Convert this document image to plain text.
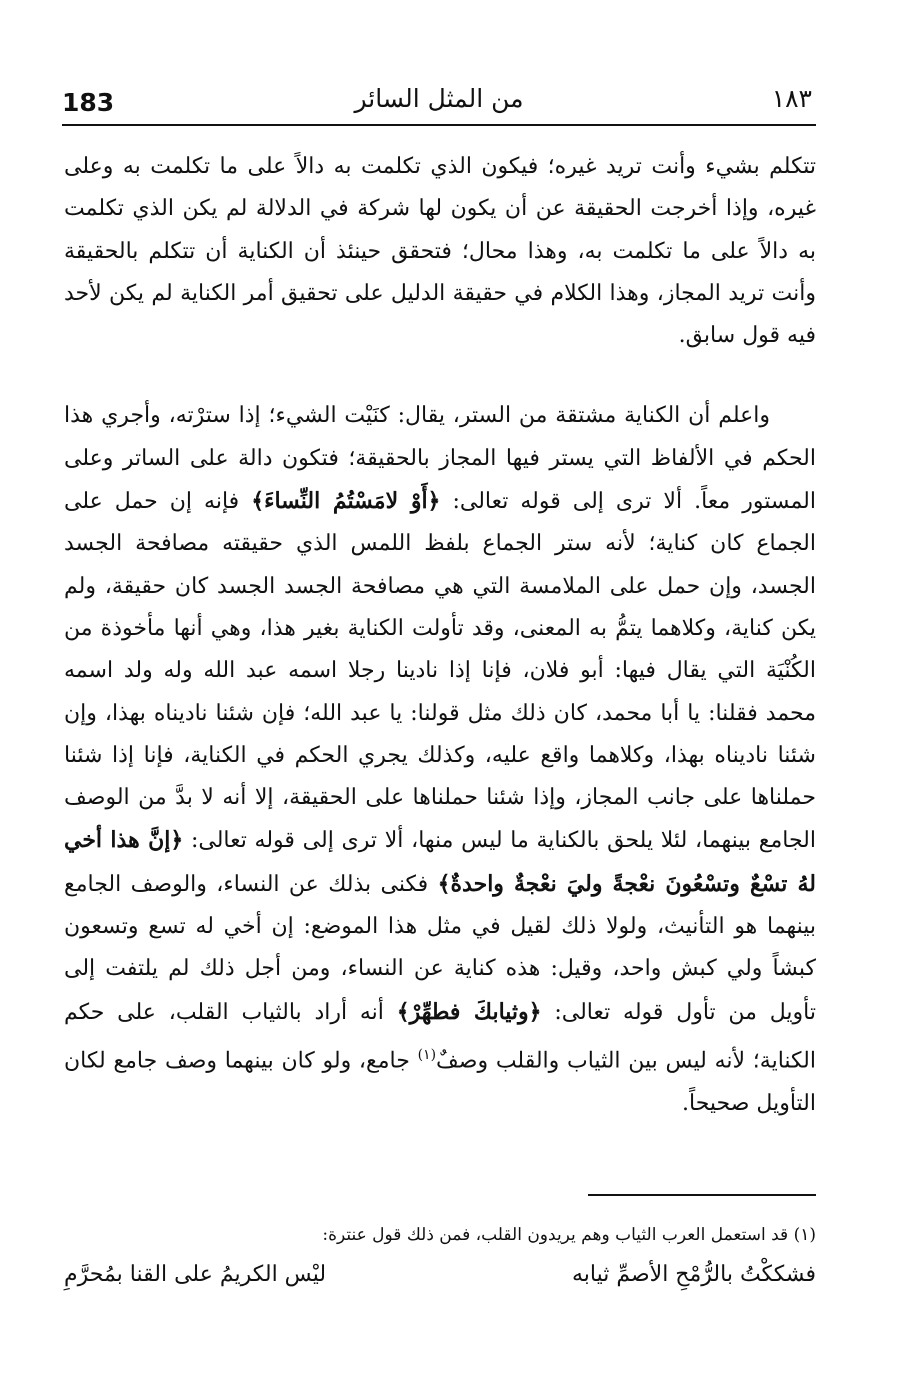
183	من المثل السائر	١٨٣

تتكلم بشيء وأنت تريد غيره؛ فيكون الذي تكلمت به دالاً على ما تكلمت به وعلى غيره، وإذا أخرجت الحقيقة عن أن يكون لها شركة في الدلالة لم يكن الذي تكلمت به دالاً على ما تكلمت به، وهذا محال؛ فتحقق حينئذ أن الكناية أن تتكلم بالحقيقة وأنت تريد المجاز، وهذا الكلام في حقيقة الدليل على تحقيق أمر الكناية لم يكن لأحد فيه قول سابق.

واعلم أن الكناية مشتقة من الستر، يقال: كنَيْت الشيء؛ إذا سترْته، وأجري هذا الحكم في الألفاظ التي يستر فيها المجاز بالحقيقة؛ فتكون دالة على الساتر وعلى المستور معاً. ألا ترى إلى قوله تعالى: ﴿أَوْ لامَسْتُمُ النِّساءَ﴾ فإنه إن حمل على الجماع كان كناية؛ لأنه ستر الجماع بلفظ اللمس الذي حقيقته مصافحة الجسد الجسد، وإن حمل على الملامسة التي هي مصافحة الجسد الجسد كان حقيقة، ولم يكن كناية، وكلاهما يتمُّ به المعنى، وقد تأولت الكناية بغير هذا، وهي أنها مأخوذة من الكُنْيَة التي يقال فيها: أبو فلان، فإنا إذا نادينا رجلا اسمه عبد الله وله ولد اسمه محمد فقلنا: يا أبا محمد، كان ذلك مثل قولنا: يا عبد الله؛ فإن شئنا ناديناه بهذا، وإن شئنا ناديناه بهذا، وكلاهما واقع عليه، وكذلك يجري الحكم في الكناية، فإنا إذا شئنا حملناها على جانب المجاز، وإذا شئنا حملناها على الحقيقة، إلا أنه لا بدَّ من الوصف الجامع بينهما، لئلا يلحق بالكناية ما ليس منها، ألا ترى إلى قوله تعالى: ﴿إنَّ هذا أخي لهُ تسْعٌ وتسْعُونَ نعْجةً وليَ نعْجةٌ واحدةٌ﴾ فكنى بذلك عن النساء، والوصف الجامع بينهما هو التأنيث، ولولا ذلك لقيل في مثل هذا الموضع: إن أخي له تسع وتسعون كبشاً ولي كبش واحد، وقيل: هذه كناية عن النساء، ومن أجل ذلك لم يلتفت إلى تأويل من تأول قوله تعالى: ﴿وثيابكَ فطهِّرْ﴾ أنه أراد بالثياب القلب، على حكم الكناية؛ لأنه ليس بين الثياب والقلب وصفٌ$^{(١)}$ جامع، ولو كان بينهما وصف جامع لكان التأويل صحيحاً.

(١) قد استعمل العرب الثياب وهم يريدون القلب، فمن ذلك قول عنترة:
فشككْتُ بالرُّمْحِ الأصمِّ ثيابه
ليْس الكريمُ على القنا بمُحرَّمِ
